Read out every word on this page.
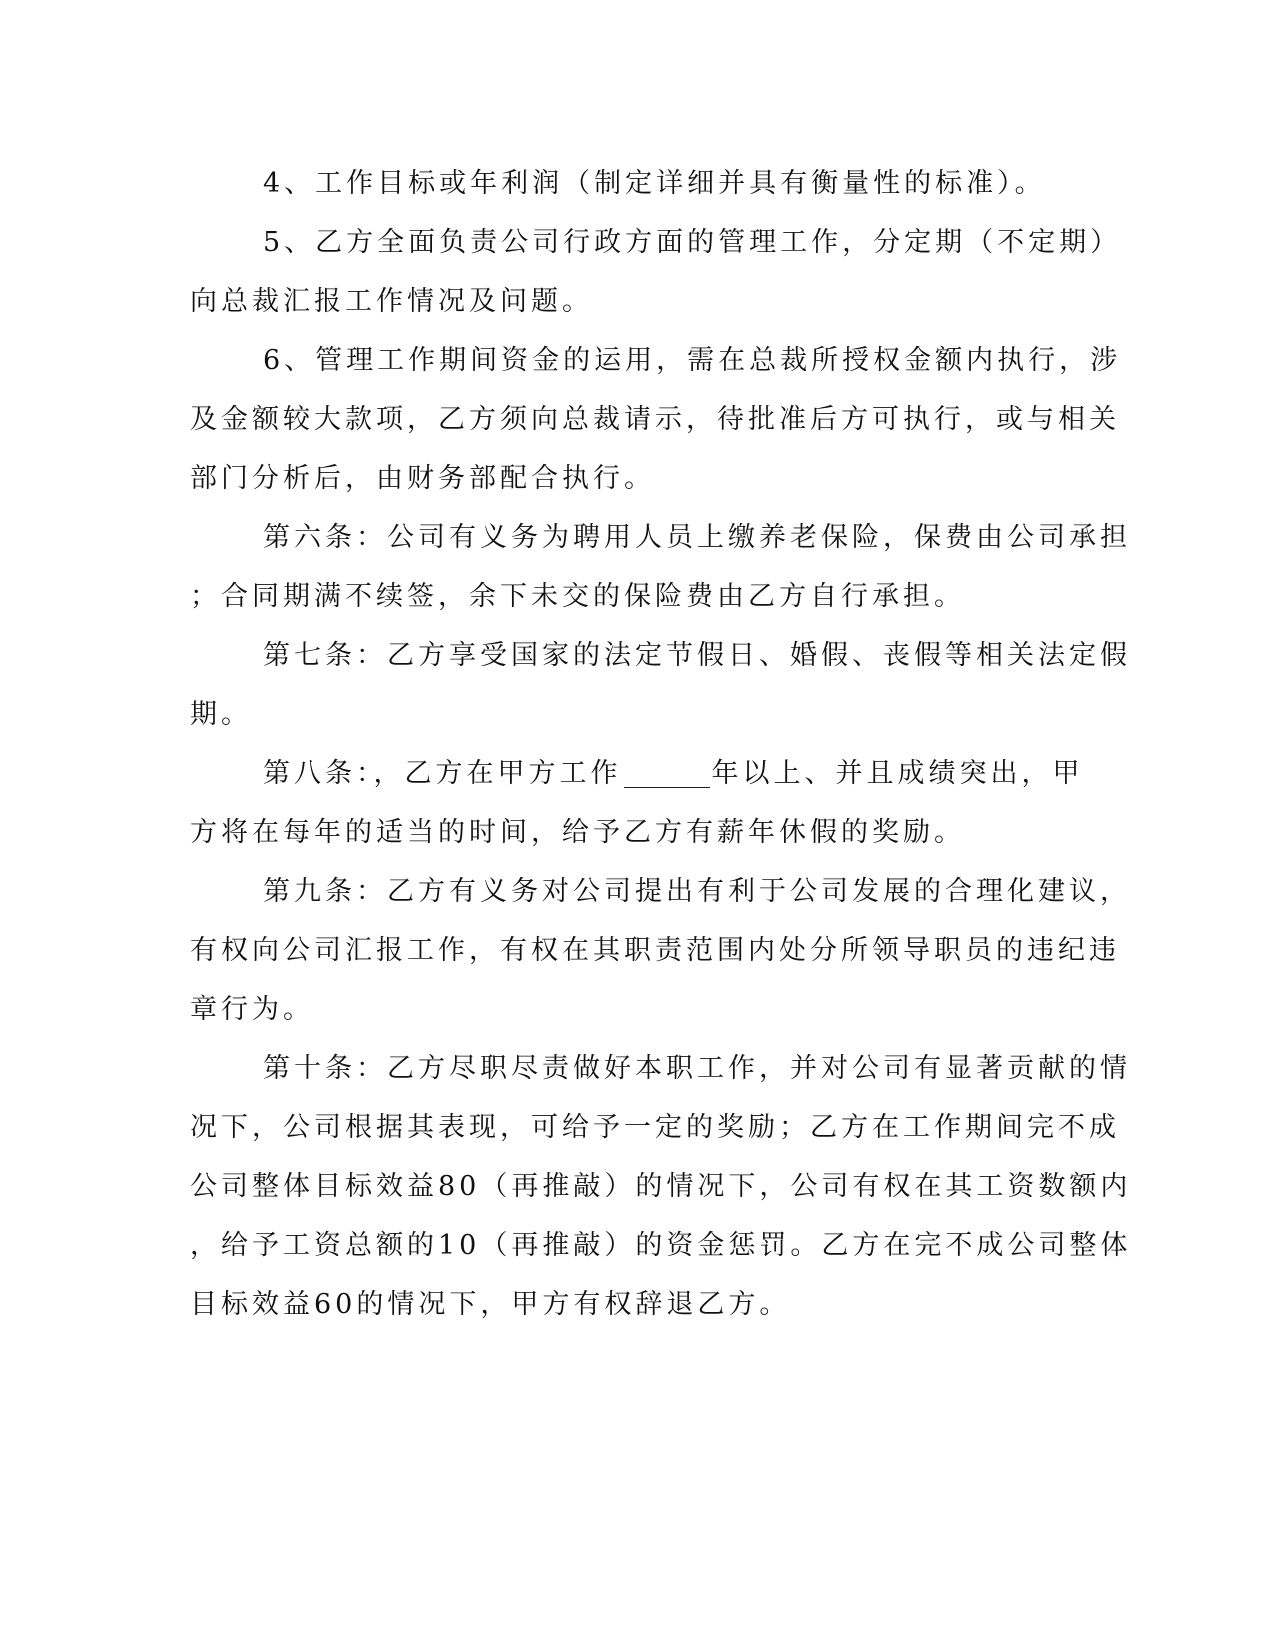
4、工作目标或年利润（制定详细并具有衡量性的标准）。
5、乙方全面负责公司行政方面的管理工作，分定期（不定期）
向总裁汇报工作情况及问题。
6、管理工作期间资金的运用，需在总裁所授权金额内执行，涉
及金额较大款项，乙方须向总裁请示，待批准后方可执行，或与相关
部门分析后，由财务部配合执行。
第六条：公司有义务为聘用人员上缴养老保险，保费由公司承担
；合同期满不续签，余下未交的保险费由乙方自行承担。
第七条：乙方享受国家的法定节假日、婚假、丧假等相关法定假
期。
第八条：，乙方在甲方工作	年以上、并且成绩突出，甲
方将在每年的适当的时间，给予乙方有薪年休假的奖励。
第九条：乙方有义务对公司提出有利于公司发展的合理化建议，
有权向公司汇报工作，有权在其职责范围内处分所领导职员的违纪违
章行为。
第十条：乙方尽职尽责做好本职工作，并对公司有显著贡献的情
况下，公司根据其表现，可给予一定的奖励；乙方在工作期间完不成
公司整体目标效益80（再推敲）的情况下，公司有权在其工资数额内
，给予工资总额的10（再推敲）的资金惩罚。乙方在完不成公司整体
目标效益60的情况下，甲方有权辞退乙方。
